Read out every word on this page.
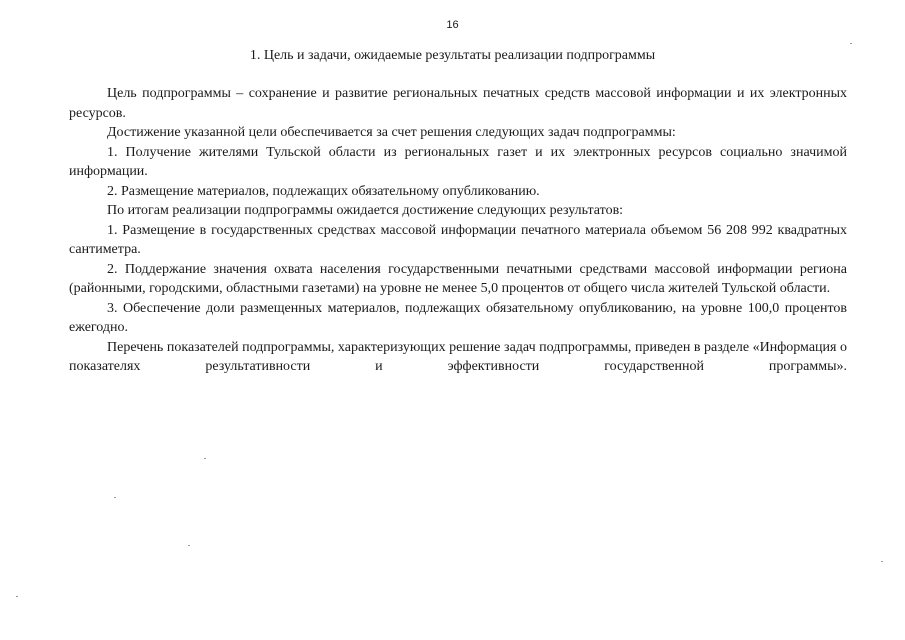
16
1. Цель и задачи, ожидаемые результаты реализации подпрограммы

Цель подпрограммы – сохранение и развитие региональных печатных средств массовой информации и их электронных ресурсов.

Достижение указанной цели обеспечивается за счет решения следующих задач подпрограммы:

1. Получение жителями Тульской области из региональных газет и их электронных ресурсов социально значимой информации.

2. Размещение материалов, подлежащих обязательному опубликованию.

По итогам реализации подпрограммы ожидается достижение следующих результатов:

1. Размещение в государственных средствах массовой информации печатного материала объемом 56 208 992 квадратных сантиметра.

2. Поддержание значения охвата населения государственными печатными средствами массовой информации региона (районными, городскими, областными газетами) на уровне не менее 5,0 процентов от общего числа жителей Тульской области.

3. Обеспечение доли размещенных материалов, подлежащих обязательному опубликованию, на уровне 100,0 процентов ежегодно.

Перечень показателей подпрограммы, характеризующих решение задач подпрограммы, приведен в разделе «Информация о показателях результативности и эффективности государственной программы».
